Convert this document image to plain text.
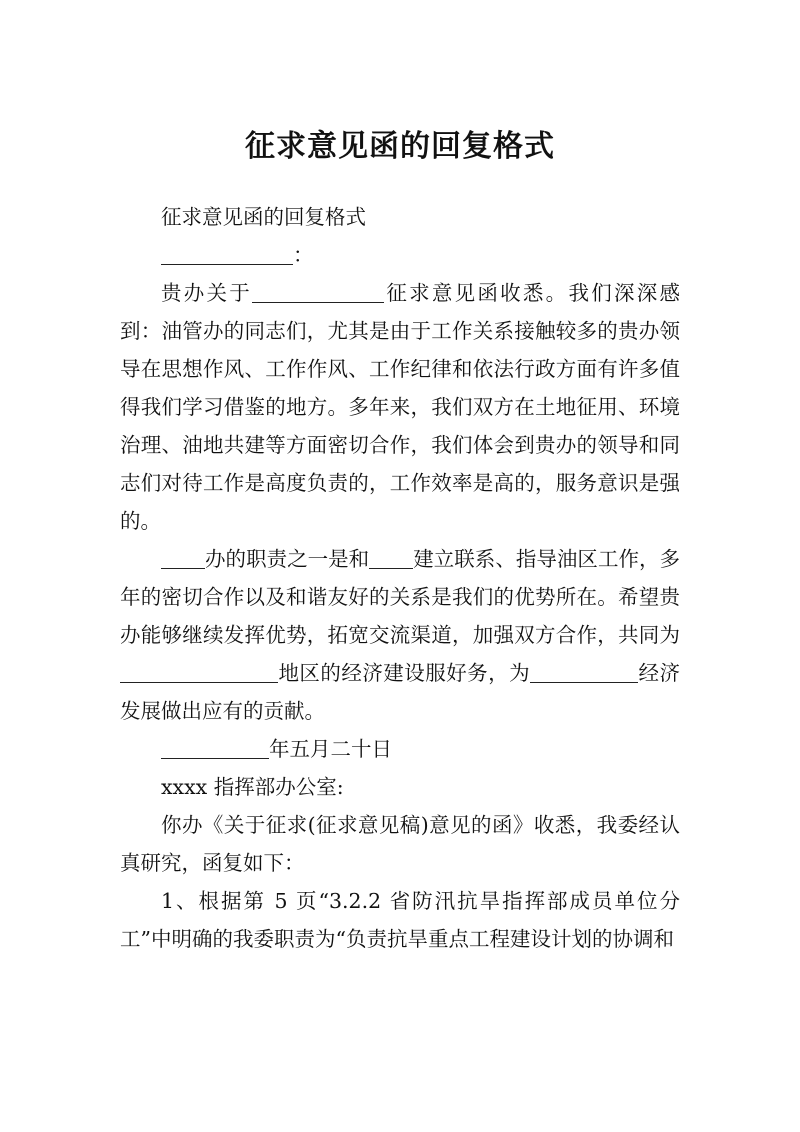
征求意见函的回复格式

征求意见函的回复格式

：

贵办关于	征求意见函收悉。我们深深感到：油管办的同志们，尤其是由于工作关系接触较多的贵办领导在思想作风、工作作风、工作纪律和依法行政方面有许多值得我们学习借鉴的地方。多年来，我们双方在土地征用、环境治理、油地共建等方面密切合作，我们体会到贵办的领导和同志们对待工作是高度负责的，工作效率是高的，服务意识是强的。

办的职责之一是和 建立联系、指导油区工作，多年的密切合作以及和谐友好的关系是我们的优势所在。希望贵办能够继续发挥优势，拓宽交流渠道，加强双方合作，共同为地区的经济建设服好务，为	经济发展做出应有的贡献。

年五月二十日

xxxx 指挥部办公室:

你办《关于征求(征求意见稿)意见的函》收悉，我委经认真研究，函复如下：

1、根据第 5 页“3.2.2 省防汛抗旱指挥部成员单位分工”中明确的我委职责为“负责抗旱重点工程建设计划的协调和
